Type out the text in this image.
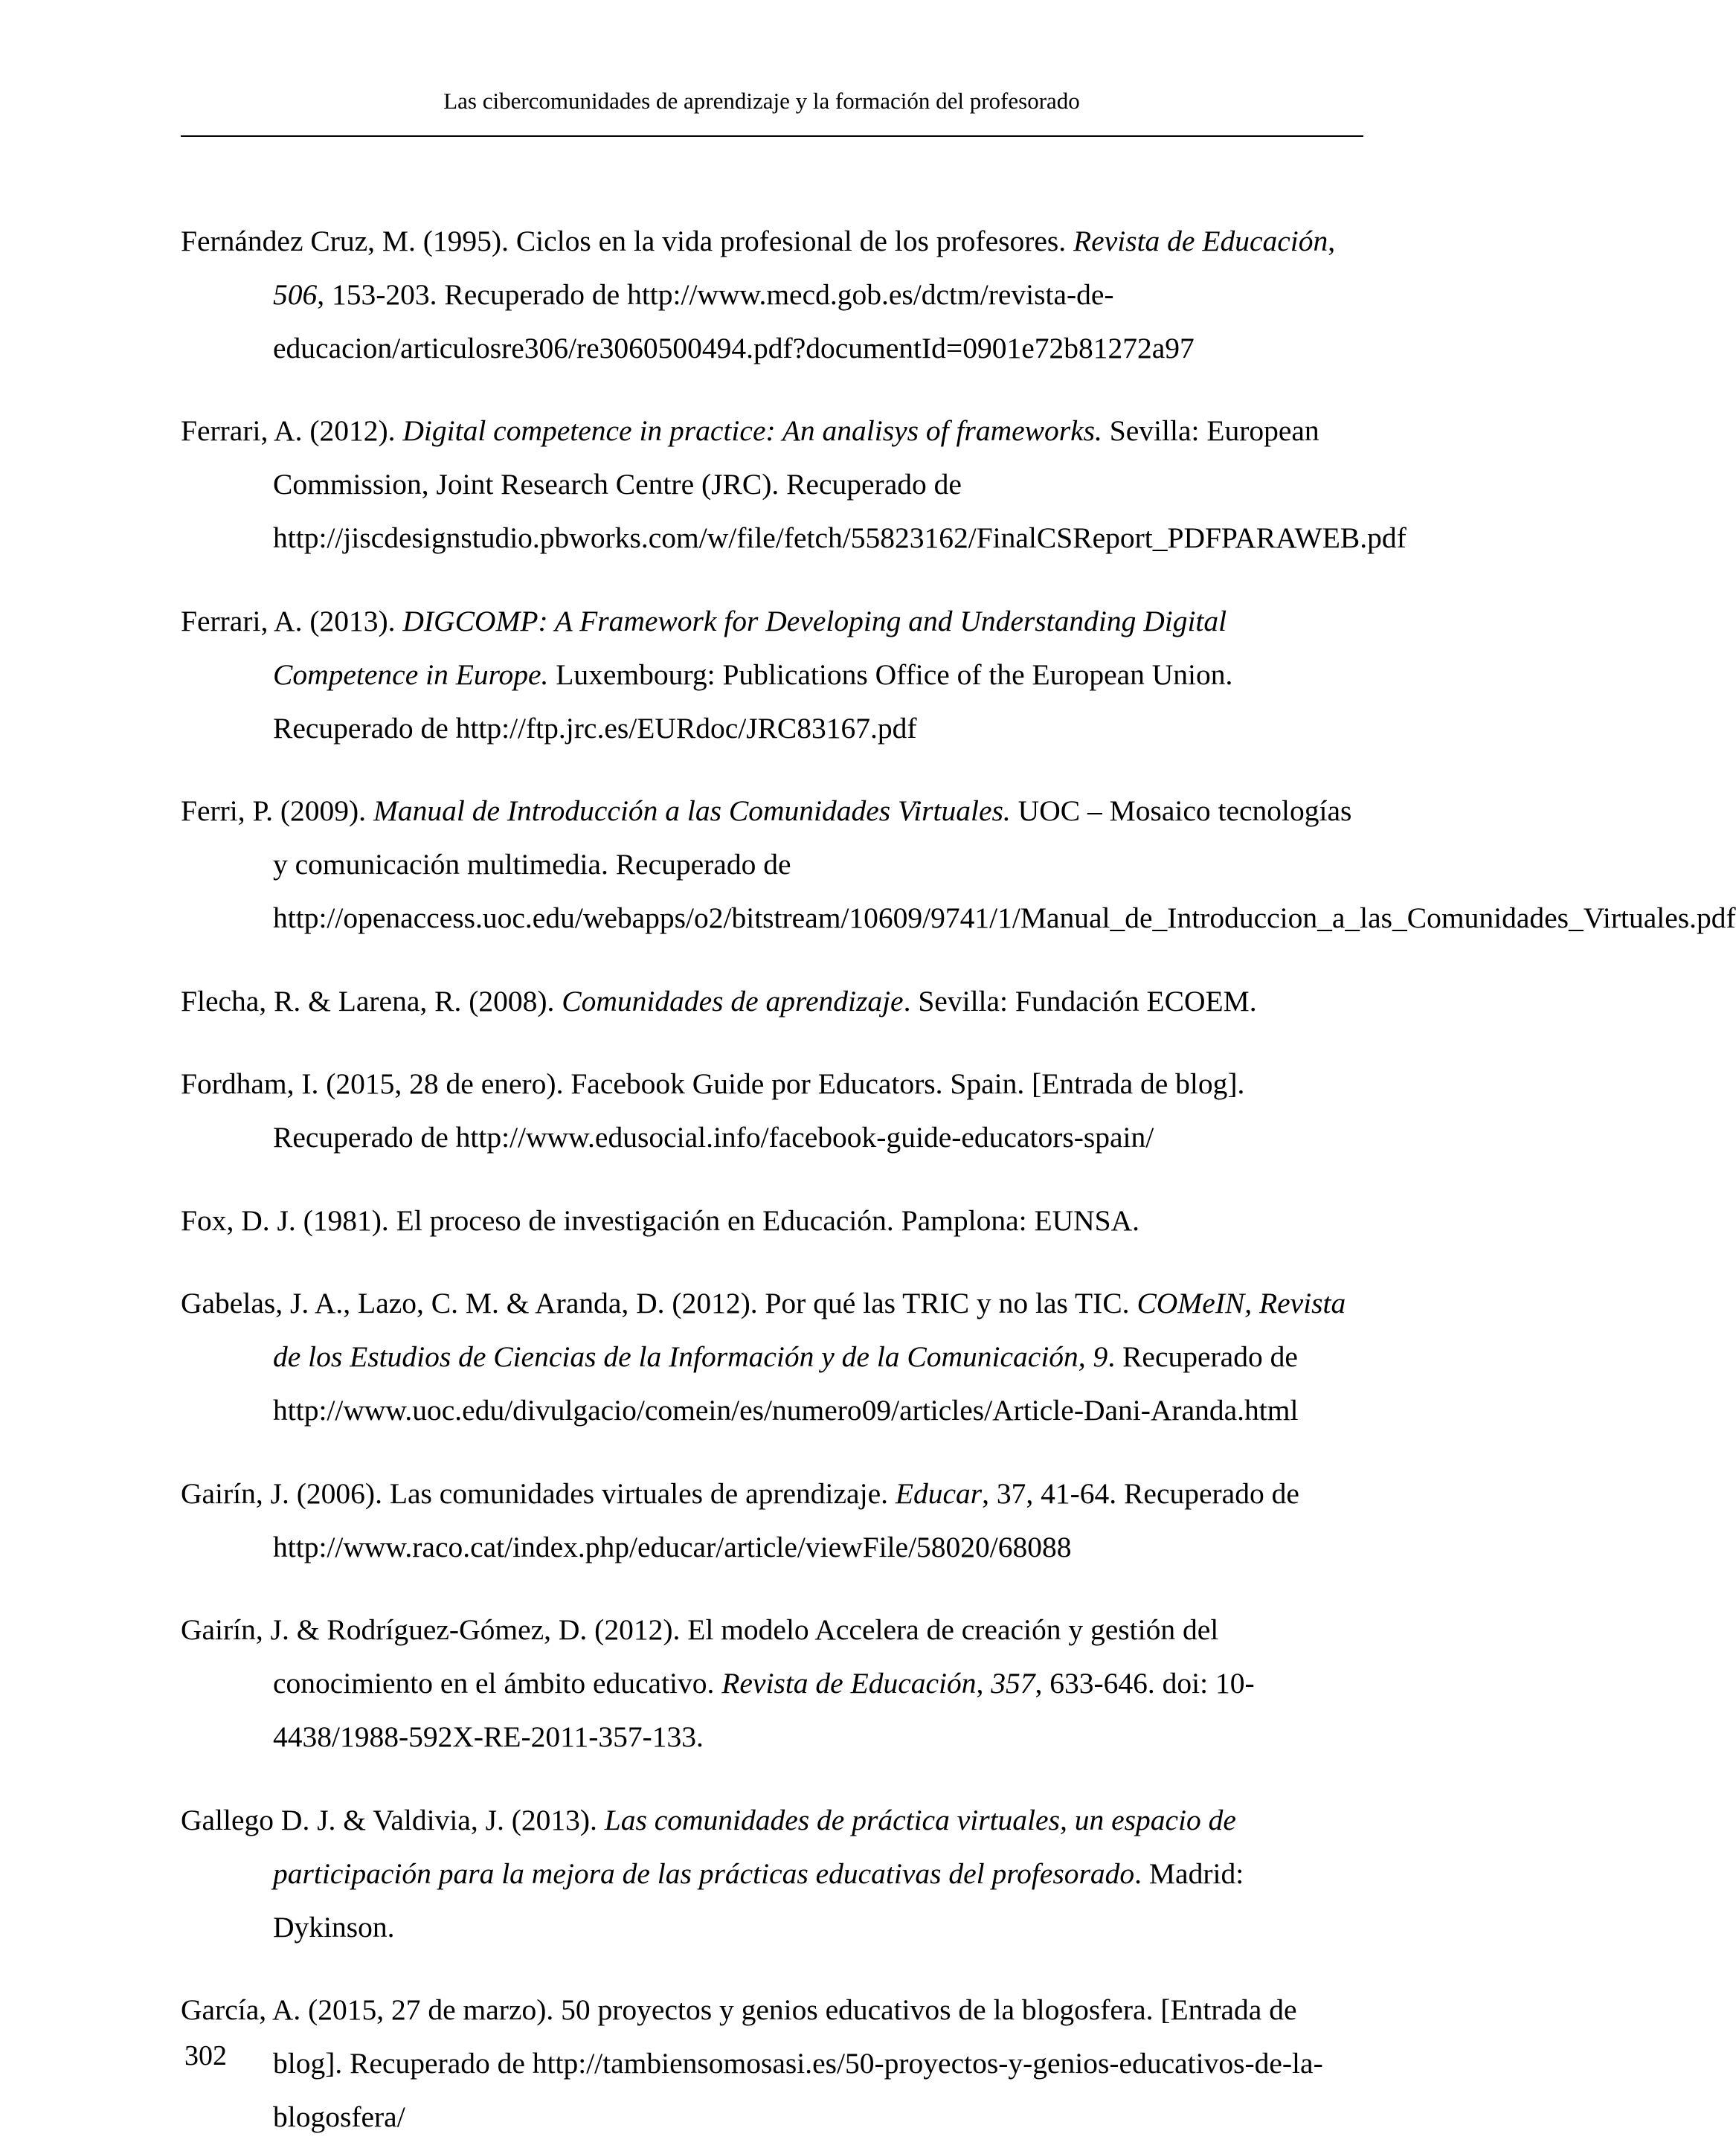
Las cibercomunidades de aprendizaje y la formación del profesorado

Fernández Cruz, M. (1995). Ciclos en la vida profesional de los profesores. Revista de Educación, 506, 153-203. Recuperado de http://www.mecd.gob.es/dctm/revista-de-educacion/articulosre306/re3060500494.pdf?documentId=0901e72b81272a97

Ferrari, A. (2012). Digital competence in practice: An analisys of frameworks. Sevilla: European Commission, Joint Research Centre (JRC). Recuperado de http://jiscdesignstudio.pbworks.com/w/file/fetch/55823162/FinalCSReport_PDFPARAWEB.pdf

Ferrari, A. (2013). DIGCOMP: A Framework for Developing and Understanding Digital Competence in Europe. Luxembourg: Publications Office of the European Union. Recuperado de http://ftp.jrc.es/EURdoc/JRC83167.pdf

Ferri, P. (2009). Manual de Introducción a las Comunidades Virtuales. UOC – Mosaico tecnologías y comunicación multimedia. Recuperado de http://openaccess.uoc.edu/webapps/o2/bitstream/10609/9741/1/Manual_de_Introduccion_a_las_Comunidades_Virtuales.pdf

Flecha, R. & Larena, R. (2008). Comunidades de aprendizaje. Sevilla: Fundación ECOEM.

Fordham, I. (2015, 28 de enero). Facebook Guide por Educators. Spain. [Entrada de blog]. Recuperado de http://www.edusocial.info/facebook-guide-educators-spain/

Fox, D. J. (1981). El proceso de investigación en Educación. Pamplona: EUNSA.

Gabelas, J. A., Lazo, C. M. & Aranda, D. (2012). Por qué las TRIC y no las TIC. COMeIN, Revista de los Estudios de Ciencias de la Información y de la Comunicación, 9. Recuperado de http://www.uoc.edu/divulgacio/comein/es/numero09/articles/Article-Dani-Aranda.html

Gairín, J. (2006). Las comunidades virtuales de aprendizaje. Educar, 37, 41-64. Recuperado de http://www.raco.cat/index.php/educar/article/viewFile/58020/68088

Gairín, J. & Rodríguez-Gómez, D. (2012). El modelo Accelera de creación y gestión del conocimiento en el ámbito educativo. Revista de Educación, 357, 633-646. doi: 10-4438/1988-592X-RE-2011-357-133.

Gallego D. J. & Valdivia, J. (2013). Las comunidades de práctica virtuales, un espacio de participación para la mejora de las prácticas educativas del profesorado. Madrid: Dykinson.

García, A. (2015, 27 de marzo). 50 proyectos y genios educativos de la blogosfera. [Entrada de blog]. Recuperado de http://tambiensomosasi.es/50-proyectos-y-genios-educativos-de-la-blogosfera/

302
